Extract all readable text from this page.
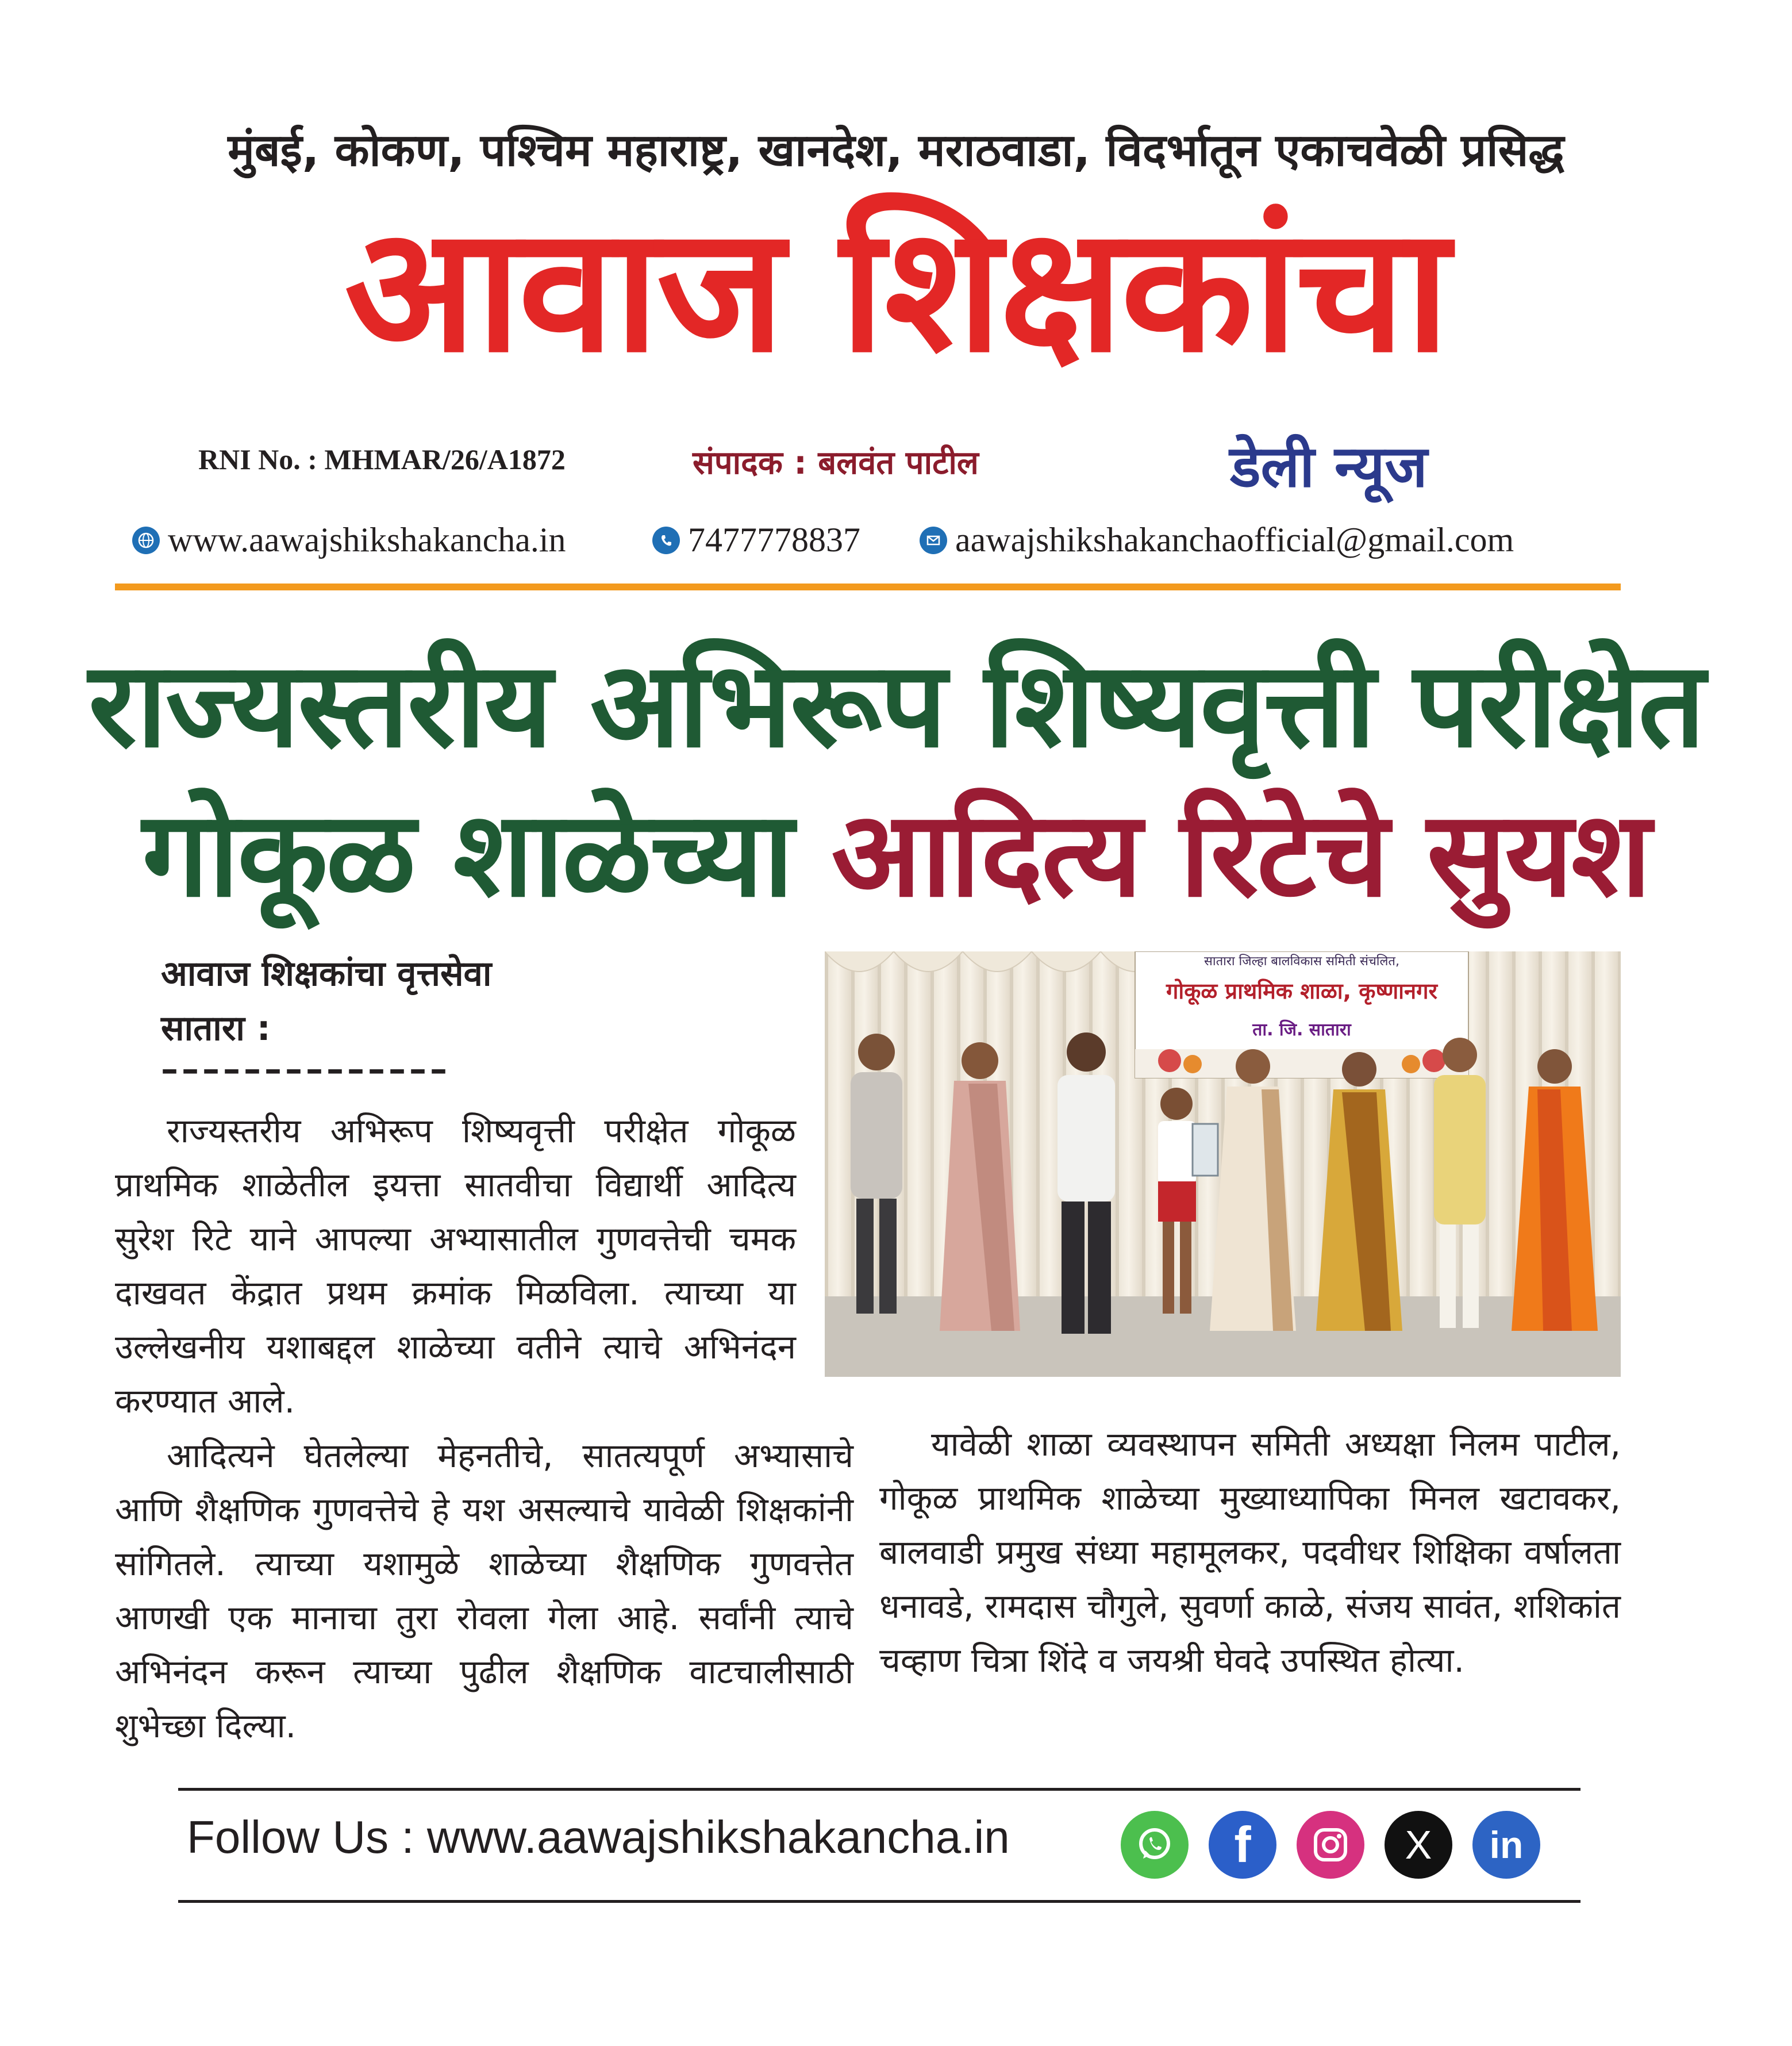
मुंबई, कोकण, पश्चिम महाराष्ट्र, खानदेश, मराठवाडा, विदर्भातून एकाचवेळी प्रसिद्ध
आवाज शिक्षकांचा
RNI No. : MHMAR/26/A1872	संपादक : बलवंत पाटील	डेली न्यूज
www.aawajshikshakancha.in	7477778837	aawajshikshakanchaofficial@gmail.com
राज्यस्तरीय अभिरूप शिष्यवृत्ती परीक्षेत
गोकूळ शाळेच्या आदित्य रिटेचे सुयश
आवाज शिक्षकांचा वृत्तसेवा
सातारा :
––––––––––––––

राज्यस्तरीय अभिरूप शिष्यवृत्ती परीक्षेत गोकूळ प्राथमिक शाळेतील इयत्ता सातवीचा विद्यार्थी आदित्य सुरेश रिटे याने आपल्या अभ्यासातील गुणवत्तेची चमक दाखवत केंद्रात प्रथम क्रमांक मिळविला. त्याच्या या उल्लेखनीय यशाबद्दल शाळेच्या वतीने त्याचे अभिनंदन करण्यात आले.

आदित्यने घेतलेल्या मेहनतीचे, सातत्यपूर्ण अभ्यासाचे आणि शैक्षणिक गुणवत्तेचे हे यश असल्याचे यावेळी शिक्षकांनी सांगितले. त्याच्या यशामुळे शाळेच्या शैक्षणिक गुणवत्तेत आणखी एक मानाचा तुरा रोवला गेला आहे. सर्वांनी त्याचे अभिनंदन करून त्याच्या पुढील शैक्षणिक वाटचालीसाठी शुभेच्छा दिल्या.

यावेळी शाळा व्यवस्थापन समिती अध्यक्षा निलम पाटील, गोकूळ प्राथमिक शाळेच्या मुख्याध्यापिका मिनल खटावकर, बालवाडी प्रमुख संध्या महामूलकर, पदवीधर शिक्षिका वर्षालता धनावडे, रामदास चौगुले, सुवर्णा काळे, संजय सावंत, शशिकांत चव्हाण चित्रा शिंदे व जयश्री घेवदे उपस्थित होत्या.

सातारा जिल्हा बालविकास समिती संचलित,
गोकूळ प्राथमिक शाळा, कृष्णानगर
ता. जि. सातारा
Follow Us : www.aawajshikshakancha.in	f	X	in
